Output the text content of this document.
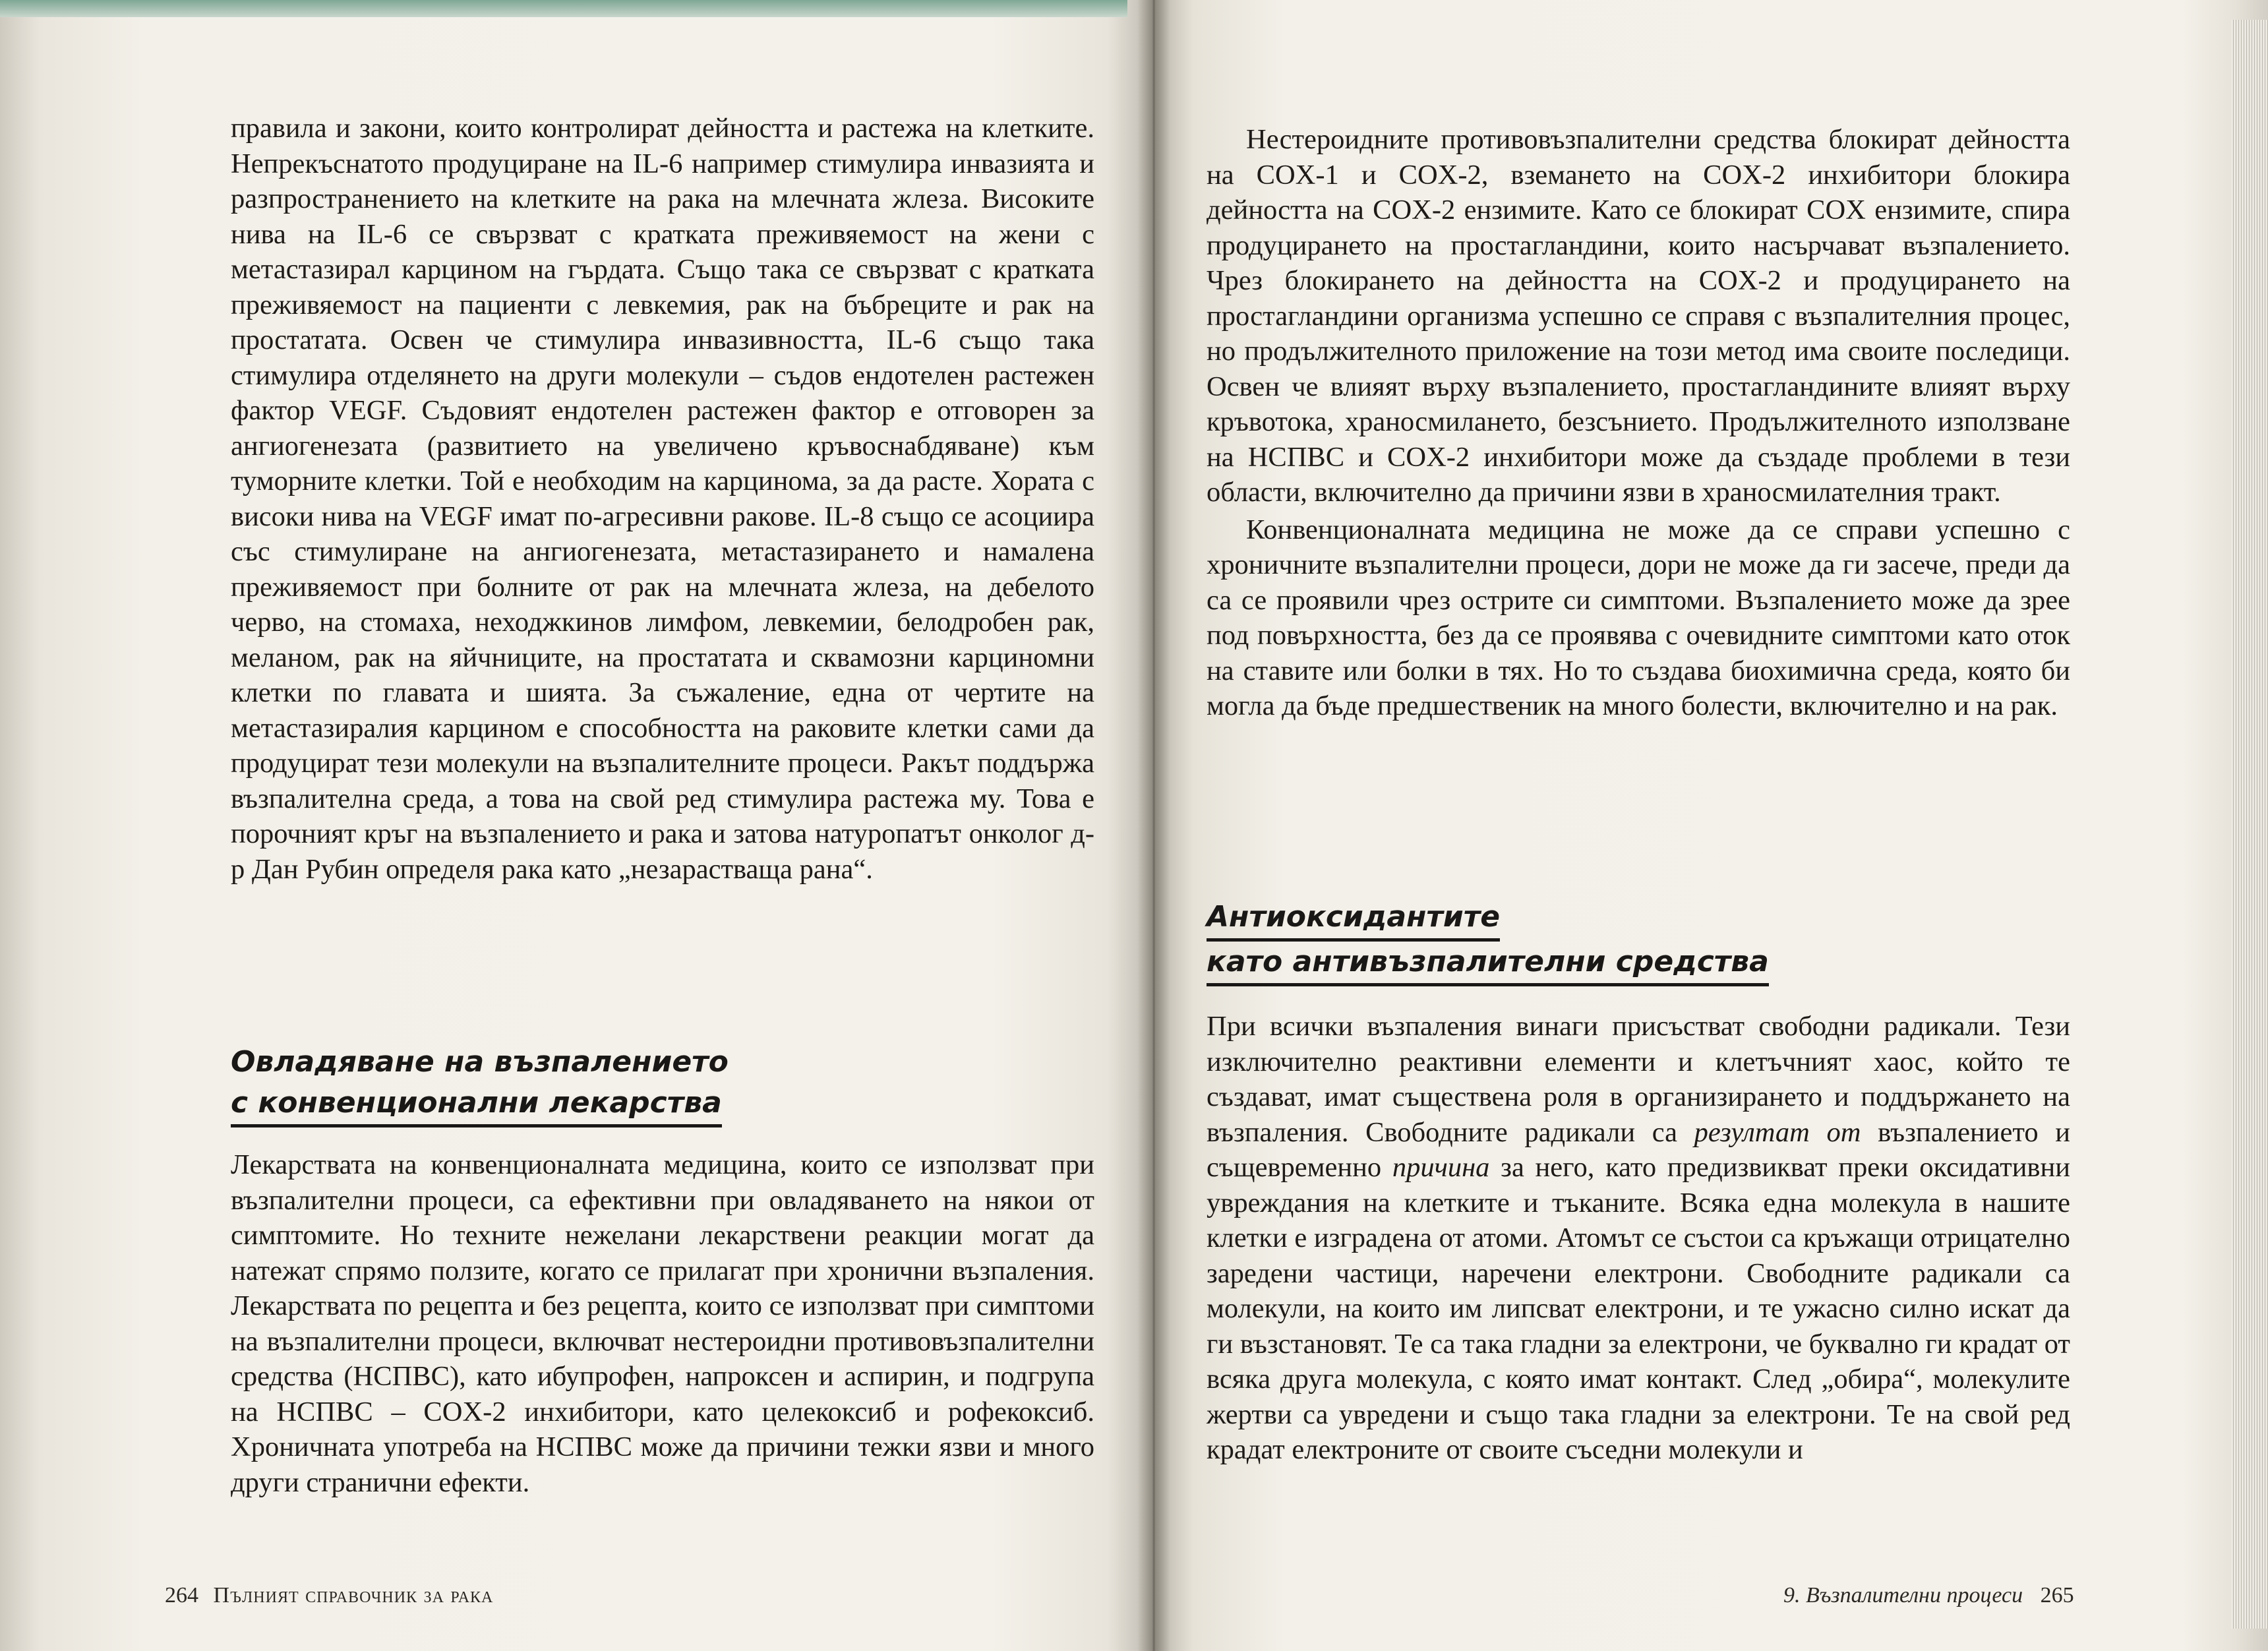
правила и закони, които контролират дейността и растежа на клетките. Непрекъснатото продуциране на IL-6 например стимулира инвазията и разпространението на клетките на рака на млечната жлеза. Високите нива на IL-6 се свързват с кратката преживяемост на жени с метастазирал карцином на гърдата. Също така се свързват с кратката преживяемост на пациенти с левкемия, рак на бъбреците и рак на простатата. Освен че стимулира инвазивността, IL-6 също така стимулира отделянето на други молекули – съдов ендотелен растежен фактор VEGF. Съдовият ендотелен растежен фактор е отговорен за ангиогенезата (развитието на увеличено кръвоснабдяване) към туморните клетки. Той е необходим на карцинома, за да расте. Хората с високи нива на VEGF имат по-агресивни ракове. IL-8 също се асоциира със стимулиране на ангиогенезата, метастазирането и намалена преживяемост при болните от рак на млечната жлеза, на дебелото черво, на стомаха, неходжкинов лимфом, левкемии, белодробен рак, меланом, рак на яйчниците, на простатата и сквамозни карциномни клетки по главата и шията. За съжаление, една от чертите на метастазиралия карцином е способността на раковите клетки сами да продуцират тези молекули на възпалителните процеси. Ракът поддържа възпалителна среда, а това на свой ред стимулира растежа му. Това е порочният кръг на възпалението и рака и затова натуропатът онколог д-р Дан Рубин определя рака като „незарастваща рана“.

Овладяване на възпалението
с конвенционални лекарства

Лекарствата на конвенционалната медицина, които се използват при възпалителни процеси, са ефективни при овладяването на някои от симптомите. Но техните нежелани лекарствени реакции могат да натежат спрямо ползите, когато се прилагат при хронични възпаления. Лекарствата по рецепта и без рецепта, които се използват при симптоми на възпалителни процеси, включват нестероидни противовъзпалителни средства (НСПВС), като ибупрофен, напроксен и аспирин, и подгрупа на НСПВС – COX-2 инхибитори, като целекоксиб и рофекоксиб. Хроничната употреба на НСПВС може да причини тежки язви и много други странични ефекти.

264 Пълният справочник за рака

Нестероидните противовъзпалителни средства блокират дейността на COX-1 и COX-2, вземането на COX-2 инхибитори блокира дейността на COX-2 ензимите. Като се блокират COX ензимите, спира продуцирането на простагландини, които насърчават възпалението. Чрез блокирането на дейността на COX-2 и продуцирането на простагландини организма успешно се справя с възпалителния процес, но продължителното приложение на този метод има своите последици. Освен че влияят върху възпалението, простагландините влияят върху кръвотока, храносмилането, безсънието. Продължителното използване на НСПВС и COX-2 инхибитори може да създаде проблеми в тези области, включително да причини язви в храносмилателния тракт.

Конвенционалната медицина не може да се справи успешно с хроничните възпалителни процеси, дори не може да ги засече, преди да са се проявили чрез острите си симптоми. Възпалението може да зрее под повърхността, без да се проявява с очевидните симптоми като оток на ставите или болки в тях. Но то създава биохимична среда, която би могла да бъде предшественик на много болести, включително и на рак.

Антиоксидантите
като антивъзпалителни средства

При всички възпаления винаги присъстват свободни радикали. Тези изключително реактивни елементи и клетъчният хаос, който те създават, имат съществена роля в организирането и поддържането на възпаления. Свободните радикали са резултат от възпалението и същевременно причина за него, като предизвикват преки оксидативни увреждания на клетките и тъканите. Всяка една молекула в нашите клетки е изградена от атоми. Атомът се състои са кръжащи отрицателно заредени частици, наречени електрони. Свободните радикали са молекули, на които им липсват електрони, и те ужасно силно искат да ги възстановят. Те са така гладни за електрони, че буквално ги крадат от всяка друга молекула, с която имат контакт. След „обира“, молекулите жертви са увредени и също така гладни за електрони. Те на свой ред крадат електроните от своите съседни молекули и

9. Възпалителни процеси 265
